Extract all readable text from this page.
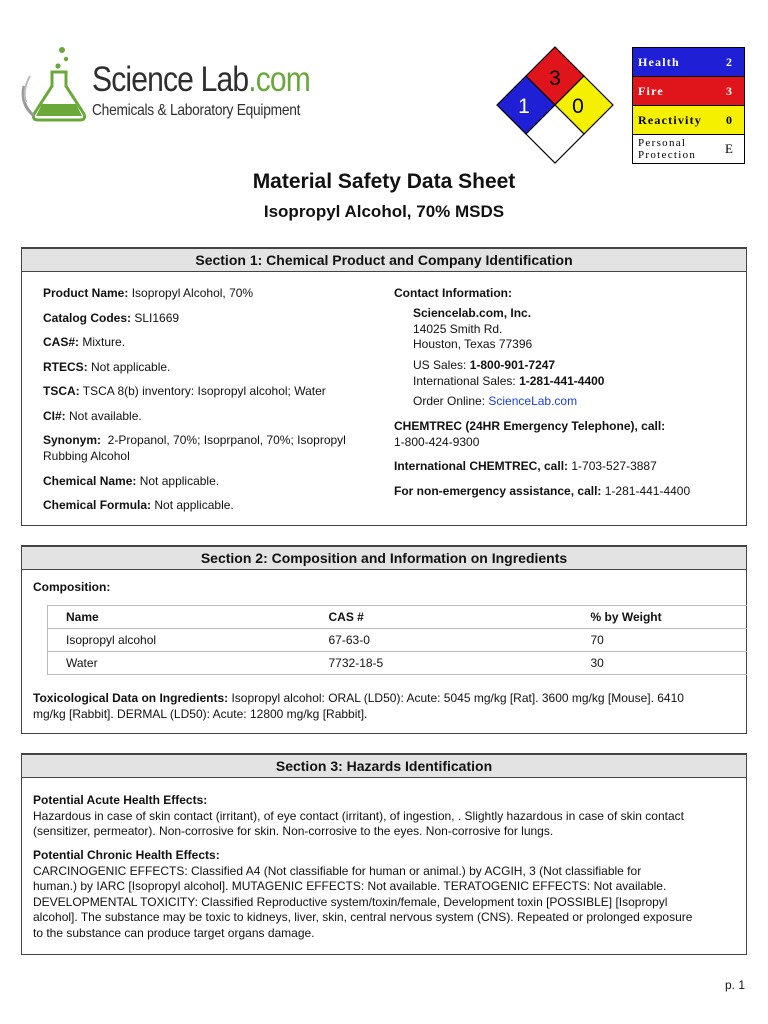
Science Lab.com
Chemicals & Laboratory Equipment
3
1 0
Health	2
Fire	3
Reactivity	0
Personal
Protection	E
Material Safety Data Sheet
Isopropyl Alcohol, 70% MSDS
Section 1: Chemical Product and Company Identification
Product Name: Isopropyl Alcohol, 70%
Catalog Codes: SLI1669
CAS#: Mixture.
RTECS: Not applicable.
TSCA: TSCA 8(b) inventory: Isopropyl alcohol; Water
CI#: Not available.
Synonym:  2-Propanol, 70%; Isoprpanol, 70%; Isopropyl
Rubbing Alcohol
Chemical Name: Not applicable.
Chemical Formula: Not applicable.
Contact Information:
Sciencelab.com, Inc.
14025 Smith Rd.
Houston, Texas 77396
US Sales: 1-800-901-7247
International Sales: 1-281-441-4400
Order Online: ScienceLab.com
CHEMTREC (24HR Emergency Telephone), call:
1-800-424-9300
International CHEMTREC, call: 1-703-527-3887
For non-emergency assistance, call: 1-281-441-4400
Section 2: Composition and Information on Ingredients
Composition:
Name	CAS #	% by Weight
Isopropyl alcohol	67-63-0	70
Water	7732-18-5	30
Toxicological Data on Ingredients: Isopropyl alcohol: ORAL (LD50): Acute: 5045 mg/kg [Rat]. 3600 mg/kg [Mouse]. 6410
mg/kg [Rabbit]. DERMAL (LD50): Acute: 12800 mg/kg [Rabbit].
Section 3: Hazards Identification
Potential Acute Health Effects:
Hazardous in case of skin contact (irritant), of eye contact (irritant), of ingestion, . Slightly hazardous in case of skin contact
(sensitizer, permeator). Non-corrosive for skin. Non-corrosive to the eyes. Non-corrosive for lungs.
Potential Chronic Health Effects:
CARCINOGENIC EFFECTS: Classified A4 (Not classifiable for human or animal.) by ACGIH, 3 (Not classifiable for
human.) by IARC [Isopropyl alcohol]. MUTAGENIC EFFECTS: Not available. TERATOGENIC EFFECTS: Not available.
DEVELOPMENTAL TOXICITY: Classified Reproductive system/toxin/female, Development toxin [POSSIBLE] [Isopropyl
alcohol]. The substance may be toxic to kidneys, liver, skin, central nervous system (CNS). Repeated or prolonged exposure
to the substance can produce target organs damage.
p. 1
